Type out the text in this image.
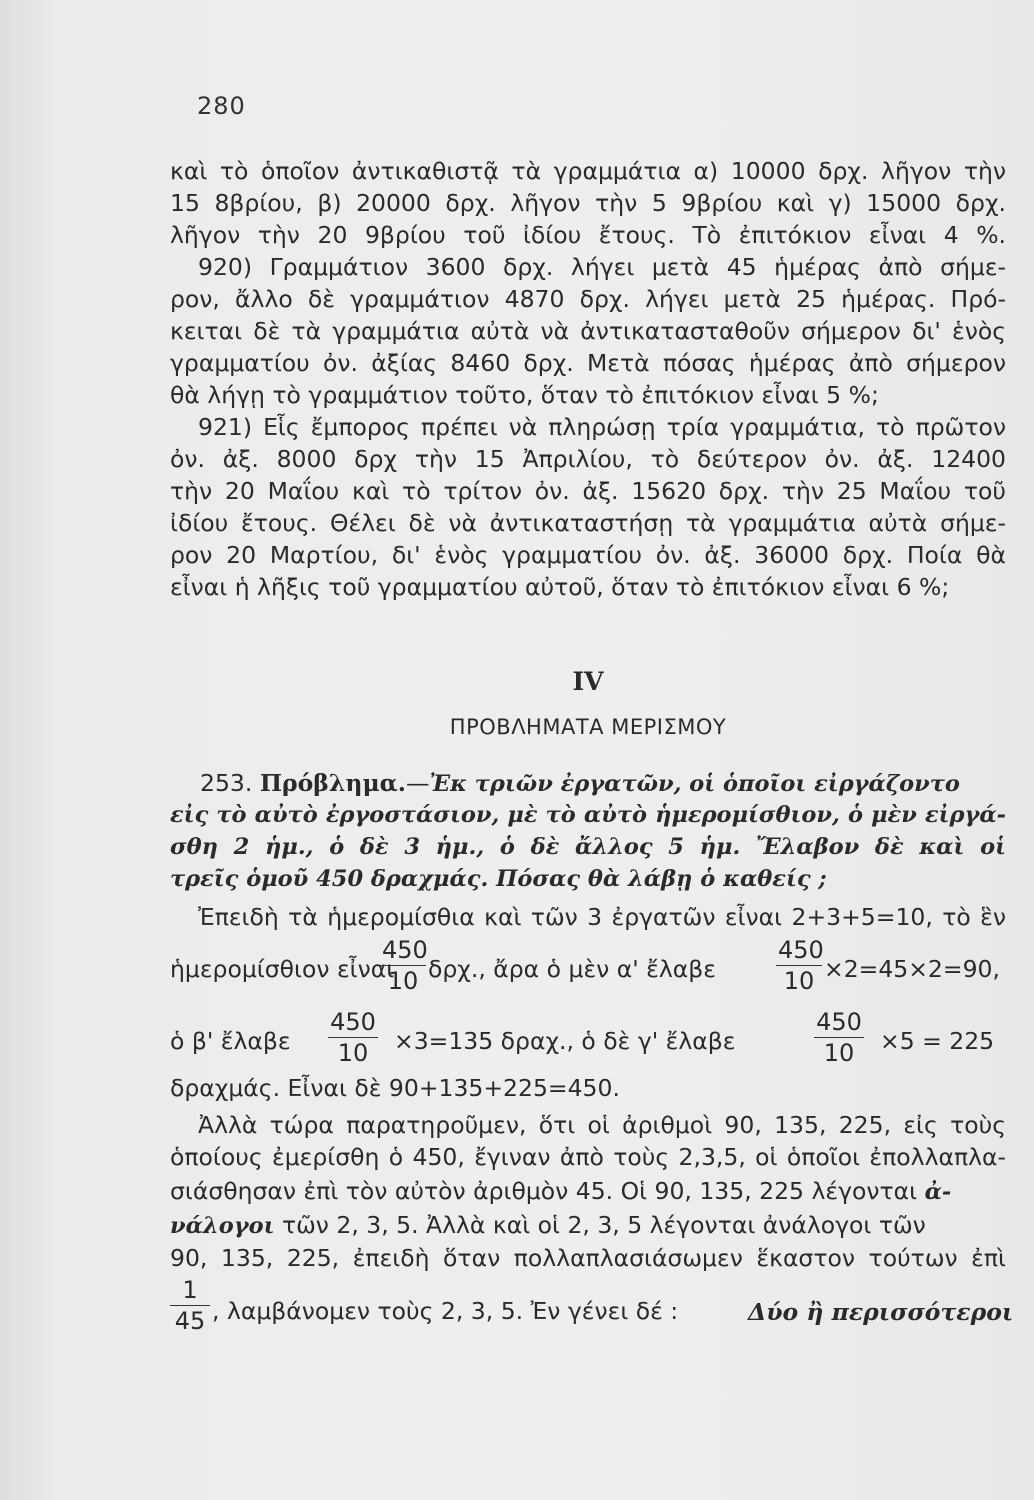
280
καὶ τὸ ὁποῖον ἀντικαθιστᾷ τὰ γραμμάτια α) 10000 δρχ. λῆγον τὴν
15 8βρίου, β) 20000 δρχ. λῆγον τὴν 5 9βρίου καὶ γ) 15000 δρχ.
λῆγον τὴν 20 9βρίου τοῦ ἰδίου ἔτους. Τὸ ἐπιτόκιον εἶναι 4 %.
920) Γραμμάτιον 3600 δρχ. λήγει μετὰ 45 ἡμέρας ἀπὸ σήμε-
ρον, ἄλλο δὲ γραμμάτιον 4870 δρχ. λήγει μετὰ 25 ἡμέρας. Πρό-
κειται δὲ τὰ γραμμάτια αὐτὰ νὰ ἀντικατασταθοῦν σήμερον δι' ἑνὸς
γραμματίου ὀν. ἀξίας 8460 δρχ. Μετὰ πόσας ἡμέρας ἀπὸ σήμερον
θὰ λήγῃ τὸ γραμμάτιον τοῦτο, ὅταν τὸ ἐπιτόκιον εἶναι 5 %;
921) Εἷς ἔμπορος πρέπει νὰ πληρώσῃ τρία γραμμάτια, τὸ πρῶτον
ὀν. ἀξ. 8000 δρχ τὴν 15 Ἀπριλίου, τὸ δεύτερον ὀν. ἀξ. 12400
τὴν 20 Μαΐου καὶ τὸ τρίτον ὀν. ἀξ. 15620 δρχ. τὴν 25 Μαΐου τοῦ
ἰδίου ἔτους. Θέλει δὲ νὰ ἀντικαταστήσῃ τὰ γραμμάτια αὐτὰ σήμε-
ρον 20 Μαρτίου, δι' ἑνὸς γραμματίου ὀν. ἀξ. 36000 δρχ. Ποία θὰ
εἶναι ἡ λῆξις τοῦ γραμματίου αὐτοῦ, ὅταν τὸ ἐπιτόκιον εἶναι 6 %;
IV
ΠΡΟΒΛΗΜΑΤΑ ΜΕΡΙΣΜΟΥ
253. Πρόβλημα.—Ἐκ τριῶν ἐργατῶν, οἱ ὁποῖοι εἰργάζοντο
εἰς τὸ αὐτὸ ἐργοστάσιον, μὲ τὸ αὐτὸ ἡμερομίσθιον, ὁ μὲν εἰργά-
σθη 2 ἡμ., ὁ δὲ 3 ἡμ., ὁ δὲ ἄλλος 5 ἡμ. Ἔλαβον δὲ καὶ οἱ
τρεῖς ὁμοῦ 450 δραχμάς. Πόσας θὰ λάβῃ ὁ καθείς ;
Ἐπειδὴ τὰ ἡμερομίσθια καὶ τῶν 3 ἐργατῶν εἶναι 2+3+5=10, τὸ ἓν
ἡμερομίσθιον εἶναι
450
10 δρχ., ἄρα ὁ μὲν α' ἔλαβε
450
10 ×2=45×2=90,
ὁ β' ἔλαβε
450
10	×3=135 δραχ., ὁ δὲ γ' ἔλαβε
450
10	×5 = 225
δραχμάς. Εἶναι δὲ 90+135+225=450.
Ἀλλὰ τώρα παρατηροῦμεν, ὅτι οἱ ἀριθμοὶ 90, 135, 225, εἰς τοὺς
ὁποίους ἐμερίσθη ὁ 450, ἔγιναν ἀπὸ τοὺς 2,3,5, οἱ ὁποῖοι ἐπολλαπλα-
σιάσθησαν ἐπὶ τὸν αὐτὸν ἀριθμὸν 45. Οἱ 90, 135, 225 λέγονται ἀ-
νάλογοι τῶν 2, 3, 5. Ἀλλὰ καὶ οἱ 2, 3, 5 λέγονται ἀνάλογοι τῶν
90, 135, 225, ἐπειδὴ ὅταν πολλαπλασιάσωμεν ἕκαστον τούτων ἐπὶ
1
45 , λαμβάνομεν τοὺς 2, 3, 5. Ἐν γένει δέ :	Δύο ἢ περισσότεροι
